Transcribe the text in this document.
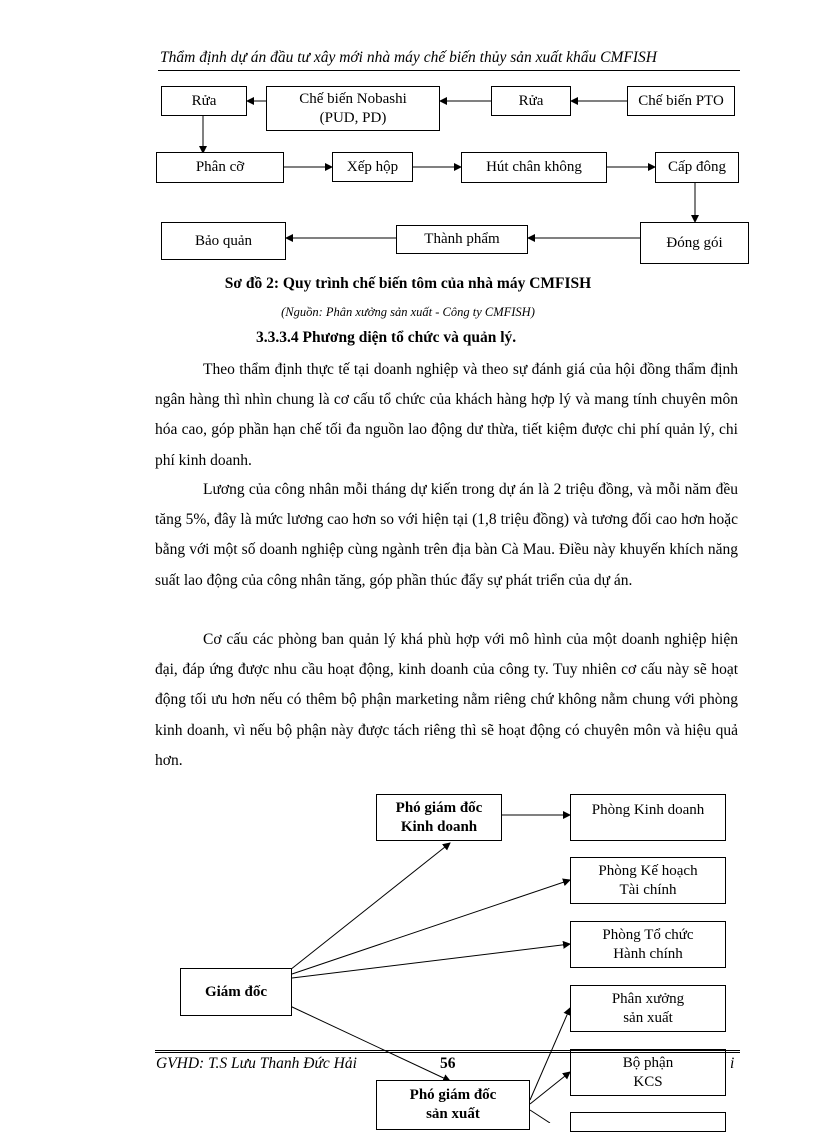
Thẩm định dự án đầu tư xây mới nhà máy chế biến thủy sản xuất khẩu CMFISH
Rửa	Chế biến Nobashi
(PUD, PD)
Rửa	Chế biến PTO
Phân cỡ	Xếp hộp	Hút chân không	Cấp đông
Bảo quản	Thành phẩm	Đóng gói
Sơ đồ 2: Quy trình chế biến tôm của nhà máy CMFISH
(Nguồn: Phân xưởng sản xuất - Công ty CMFISH)
3.3.3.4 Phương diện tổ chức và quản lý.

Theo thẩm định thực tế tại doanh nghiệp và theo sự đánh giá của hội đồng thẩm định ngân hàng thì nhìn chung là cơ cấu tổ chức của khách hàng hợp lý và mang tính chuyên môn hóa cao, góp phần hạn chế tối đa nguồn lao động dư thừa, tiết kiệm được chi phí quản lý, chi phí kinh doanh.

Lương của công nhân mỗi tháng dự kiến trong dự án là 2 triệu đồng, và mỗi năm đều tăng 5%, đây là mức lương cao hơn so với hiện tại (1,8 triệu đồng) và tương đối cao hơn hoặc bằng với một số doanh nghiệp cùng ngành trên địa bàn Cà Mau. Điều này khuyến khích năng suất lao động của công nhân tăng, góp phần thúc đẩy sự phát triển của dự án.

Cơ cấu các phòng ban quản lý khá phù hợp với mô hình của một doanh nghiệp hiện đại, đáp ứng được nhu cầu hoạt động, kinh doanh của công ty. Tuy nhiên cơ cấu này sẽ hoạt động tối ưu hơn nếu có thêm bộ phận marketing nằm riêng chứ không nằm chung với phòng kinh doanh, vì nếu bộ phận này được tách riêng thì sẽ hoạt động có chuyên môn và hiệu quả hơn.

Phó giám đốc
Kinh doanh
Phòng Kinh doanh
Phòng Kế hoạch
Tài chính
Phòng Tổ chức
Hành chính
Giám đốc	Phân xưởng
sản xuất
Bộ phận
KCS
GVHD: T.S Lưu Thanh Đức Hải	56	i
Phó giám đốc
sản xuất
